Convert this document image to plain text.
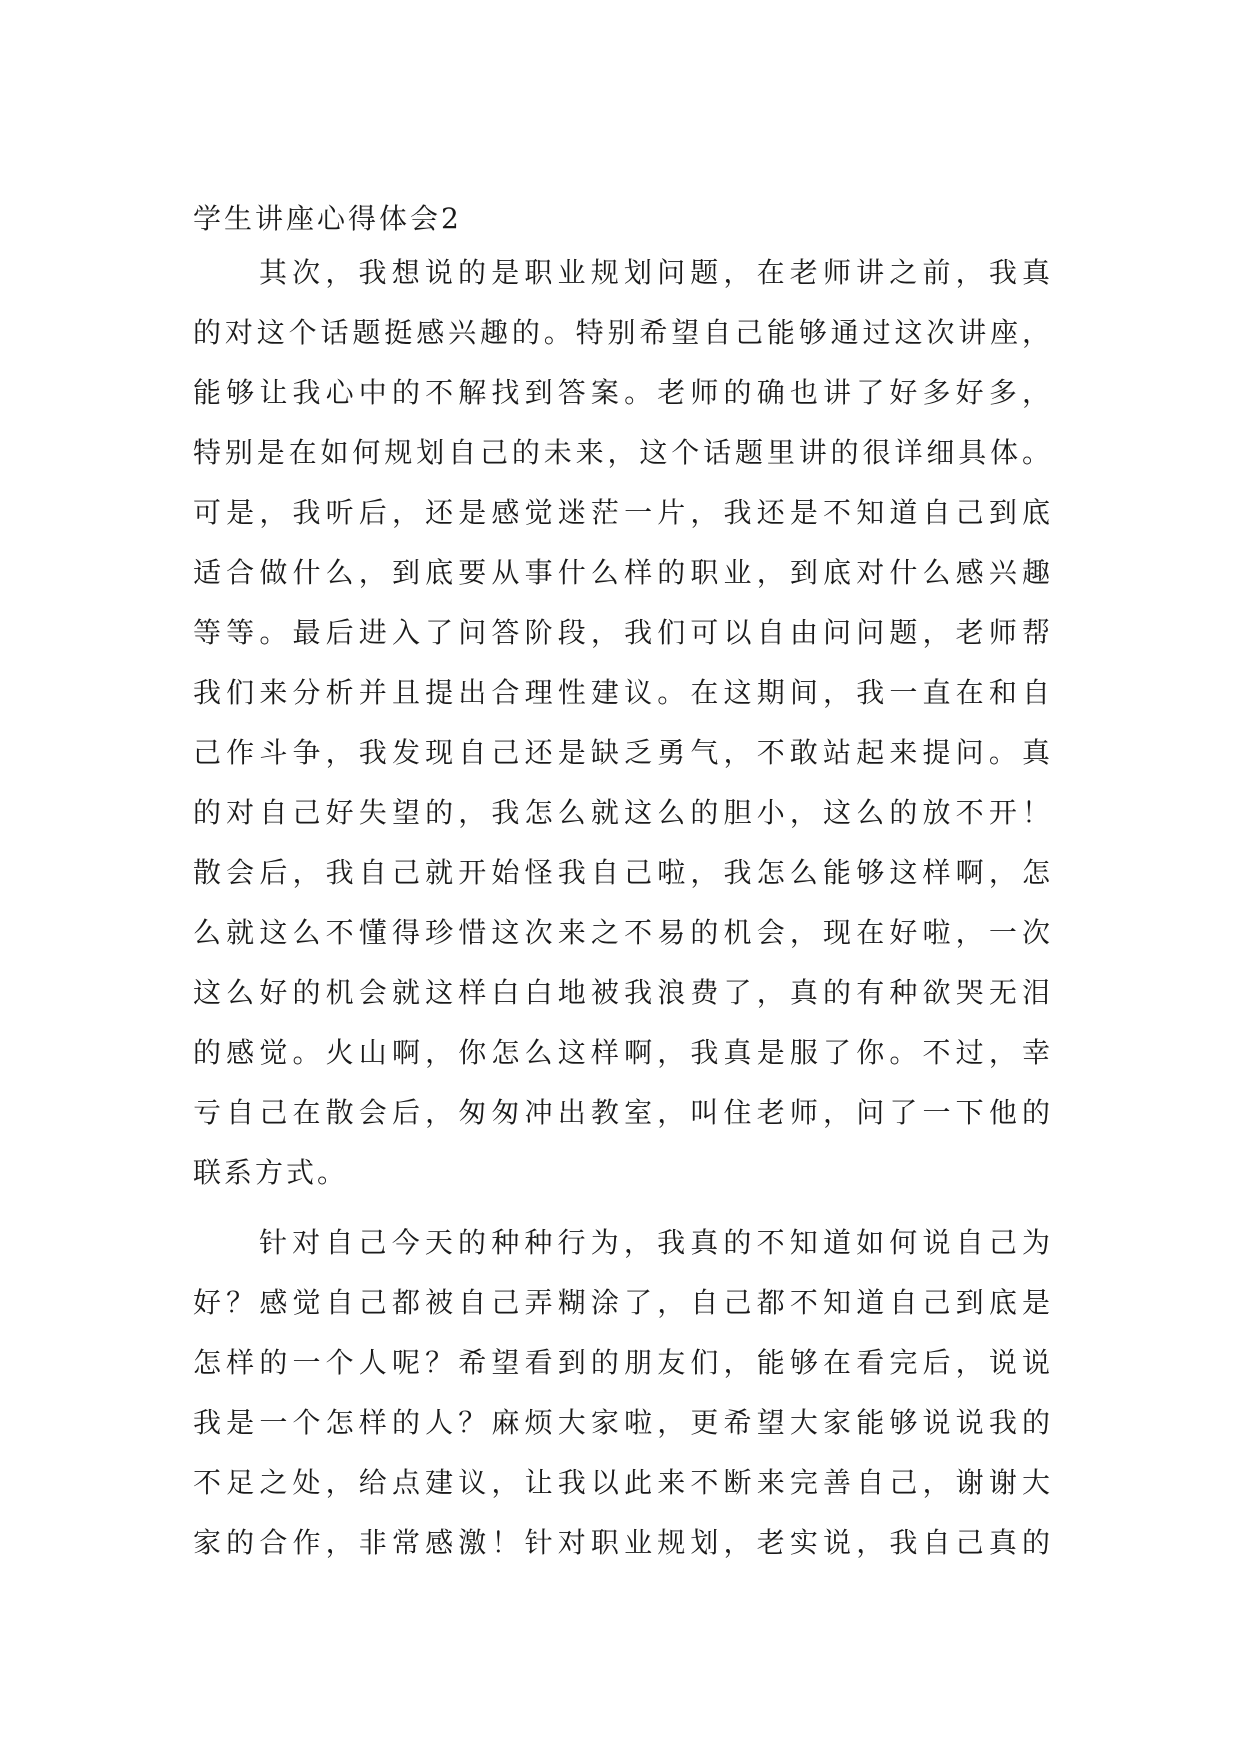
学生讲座心得体会2
其次，我想说的是职业规划问题，在老师讲之前，我真
的对这个话题挺感兴趣的。特别希望自己能够通过这次讲座，
能够让我心中的不解找到答案。老师的确也讲了好多好多，
特别是在如何规划自己的未来，这个话题里讲的很详细具体。
可是，我听后，还是感觉迷茫一片，我还是不知道自己到底
适合做什么，到底要从事什么样的职业，到底对什么感兴趣
等等。最后进入了问答阶段，我们可以自由问问题，老师帮
我们来分析并且提出合理性建议。在这期间，我一直在和自
己作斗争，我发现自己还是缺乏勇气，不敢站起来提问。真
的对自己好失望的，我怎么就这么的胆小，这么的放不开！
散会后，我自己就开始怪我自己啦，我怎么能够这样啊，怎
么就这么不懂得珍惜这次来之不易的机会，现在好啦，一次
这么好的机会就这样白白地被我浪费了，真的有种欲哭无泪
的感觉。火山啊，你怎么这样啊，我真是服了你。不过，幸
亏自己在散会后，匆匆冲出教室，叫住老师，问了一下他的
联系方式。
针对自己今天的种种行为，我真的不知道如何说自己为
好？感觉自己都被自己弄糊涂了，自己都不知道自己到底是
怎样的一个人呢？希望看到的朋友们，能够在看完后，说说
我是一个怎样的人？麻烦大家啦，更希望大家能够说说我的
不足之处，给点建议，让我以此来不断来完善自己，谢谢大
家的合作，非常感激！针对职业规划，老实说，我自己真的
